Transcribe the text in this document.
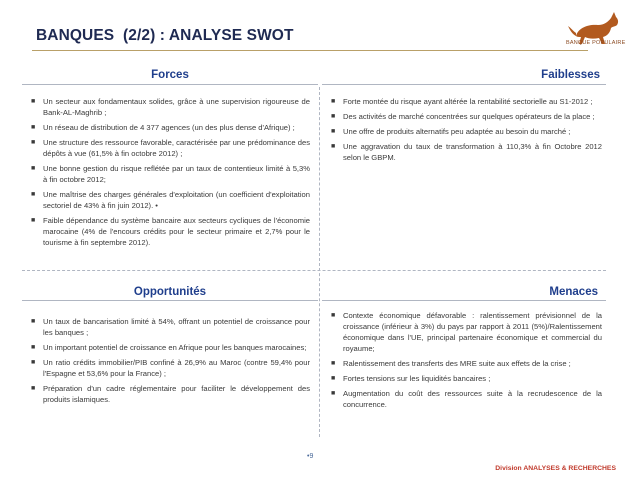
BANQUES  (2/2) : ANALYSE SWOT	BANQUE POPULAIRE
Forces	Faiblesses
Opportunités	Menaces
■ Un secteur aux fondamentaux solides, grâce à une supervision rigoureuse de Bank-AL-Maghrib ;
■ Un réseau de distribution de 4 377 agences (un des plus dense d'Afrique) ;
■ Une structure des ressource favorable, caractérisée par une prédominance des dépôts à vue (61,5% à fin octobre 2012) ;
■ Une bonne gestion du risque reflétée par un taux de contentieux limité à 5,3% à fin octobre 2012;
■ Une maîtrise des charges générales d'exploitation (un coefficient d'exploitation sectoriel de 43% à fin juin 2012). •
■ Faible dépendance du système bancaire aux secteurs cycliques de l'économie marocaine (4% de l'encours crédits pour le secteur primaire et 2,7% pour le tourisme à fin septembre 2012).
■ Forte montée du risque ayant altérée la rentabilité sectorielle au S1-2012 ;
■ Des activités de marché concentrées sur quelques opérateurs de la place ;
■ Une offre de produits alternatifs peu adaptée au besoin du marché ;
■ Une aggravation du taux de transformation à 110,3% à fin Octobre 2012 selon le GBPM.
■ Un taux de bancarisation limité à 54%, offrant un potentiel de croissance pour les banques ;
■ Un important potentiel de croissance en Afrique pour les banques marocaines;
■ Un ratio crédits immobilier/PIB confiné à 26,9% au Maroc (contre 59,4% pour l'Espagne et 53,6% pour la France) ;
■ Préparation d'un cadre réglementaire pour faciliter le développement des produits islamiques.
■ Contexte économique défavorable : ralentissement prévisionnel de la croissance (inférieur à 3%) du pays par rapport à 2011 (5%)/Ralentissement économique dans l'UE, principal partenaire économique et commercial du royaume;
■ Ralentissement des transferts des MRE suite aux effets de la crise ;
■ Fortes tensions sur les liquidités bancaires ;
■ Augmentation du coût des ressources suite à la recrudescence de la concurrence.
•9
Division ANALYSES & RECHERCHES
